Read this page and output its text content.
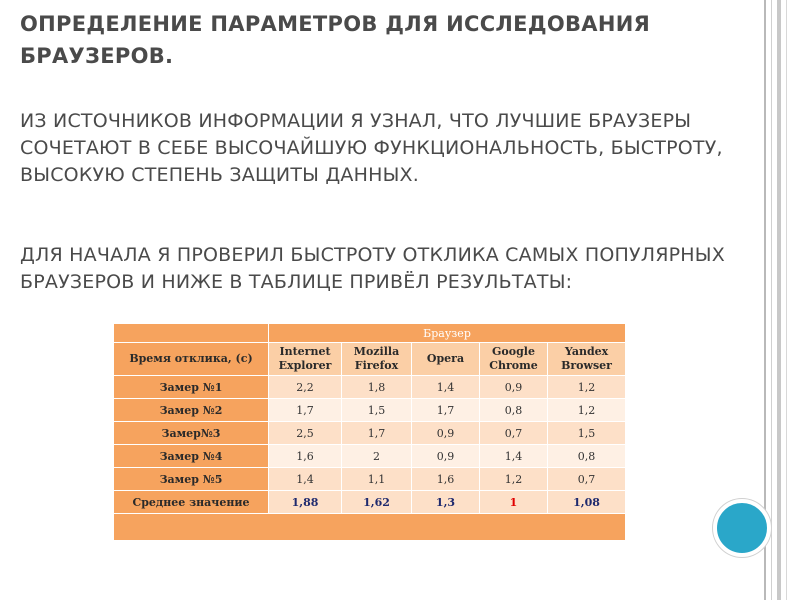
ОПРЕДЕЛЕНИЕ ПАРАМЕТРОВ ДЛЯ ИССЛЕДОВАНИЯ БРАУЗЕРОВ.

ИЗ ИСТОЧНИКОВ ИНФОРМАЦИИ Я УЗНАЛ, ЧТО ЛУЧШИЕ БРАУЗЕРЫ СОЧЕТАЮТ В СЕБЕ ВЫСОЧАЙШУЮ ФУНКЦИОНАЛЬНОСТЬ, БЫСТРОТУ, ВЫСОКУЮ СТЕПЕНЬ ЗАЩИТЫ ДАННЫХ.

ДЛЯ НАЧАЛА Я ПРОВЕРИЛ БЫСТРОТУ ОТКЛИКА САМЫХ ПОПУЛЯРНЫХ БРАУЗЕРОВ И НИЖЕ В ТАБЛИЦЕ ПРИВЁЛ РЕЗУЛЬТАТЫ:

	Браузер				
Время отклика, (с)	Internet Explorer	Mozilla Firefox	Opera	Google Chrome	Yandex Browser
Замер №1	2,2	1,8	1,4	0,9	1,2
Замер №2	1,7	1,5	1,7	0,8	1,2
Замер№3	2,5	1,7	0,9	0,7	1,5
Замер №4	1,6	2	0,9	1,4	0,8
Замер №5	1,4	1,1	1,6	1,2	0,7
Среднее значение	1,88	1,62	1,3	1	1,08
